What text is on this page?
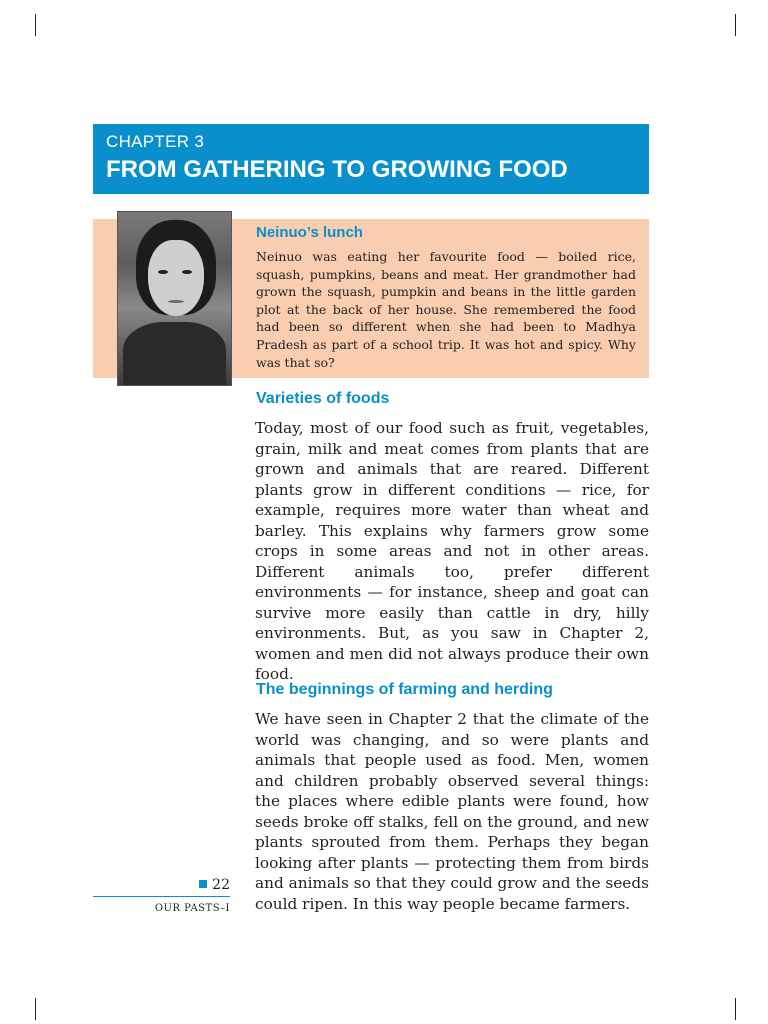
CHAPTER 3
FROM GATHERING TO GROWING FOOD
Neinuo’s lunch

Neinuo was eating her favourite food — boiled rice, squash, pumpkins, beans and meat. Her grandmother had grown the squash, pumpkin and beans in the little garden plot at the back of her house. She remembered the food had been so different when she had been to Madhya Pradesh as part of a school trip. It was hot and spicy. Why was that so?

Varieties of foods

Today, most of our food such as fruit, vegetables, grain, milk and meat comes from plants that are grown and animals that are reared. Different plants grow in different conditions — rice, for example, requires more water than wheat and barley. This explains why farmers grow some crops in some areas and not in other areas. Different animals too, prefer different environments — for instance, sheep and goat can survive more easily than cattle in dry, hilly environments. But, as you saw in Chapter 2, women and men did not always produce their own food.

The beginnings of farming and herding

We have seen in Chapter 2 that the climate of the world was changing, and so were plants and animals that people used as food. Men, women and children probably observed several things: the places where edible plants were found, how seeds broke off stalks, fell on the ground, and new plants sprouted from them. Perhaps they began looking after plants — protecting them from birds and animals so that they could grow and the seeds could ripen. In this way people became farmers.

22
OUR PASTS–I
